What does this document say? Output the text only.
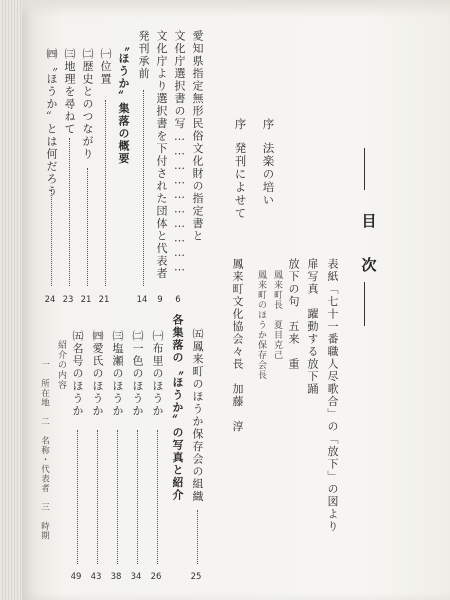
目
次
表紙「七十一番職人尽歌合」の「放下」の図より
扉写真　躍動する放下踊
放下の句　五来　重
鳳来町長　夏目克己
鳳来町のほうか保存会長
鳳来町文化協会々長　加藤　淳
序
法楽の培い
序
発刊によせて
愛知県指定無形民俗文化財の指定書と
文化庁選択書の写…………………………
6
文化庁より選択書を下付された団体と代表者
9
発刊承前
14
〝ほうか〟集落の概要
㈠位置
21
㈡歴史とのつながり
21
㈢地理を尋ねて
23
㈣〝ほうか〟とは何だろう
24
㈤鳳来町のほうか保存会の組織
25
各集落の〝ほうか〟の写真と紹介
㈠布里のほうか
26
㈡一色のほうか
34
㈢塩瀬のほうか
38
㈣愛氏のほうか
43
㈤名号のほうか
49
紹介の内容
一　所在地　二　名称・代表者　三　時期
